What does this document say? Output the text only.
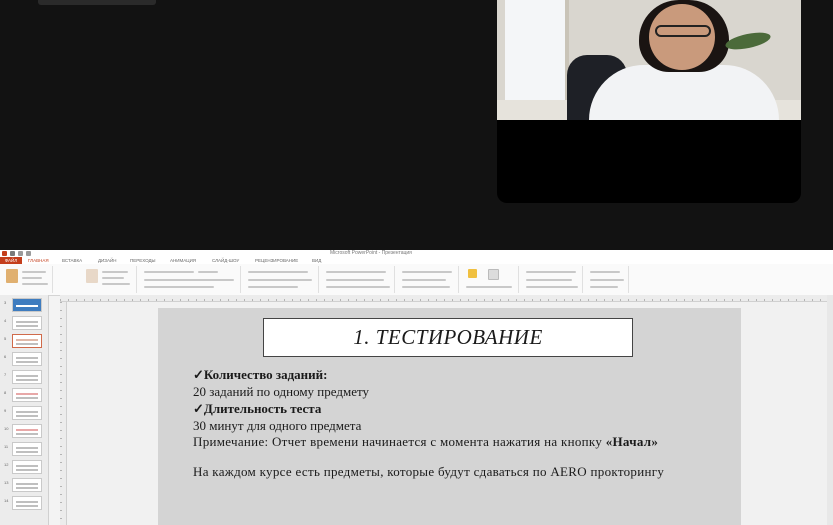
Microsoft PowerPoint - Презентация
ФАЙЛ	ГЛАВНАЯ	ВСТАВКА	ДИЗАЙН	ПЕРЕХОДЫ	АНИМАЦИЯ	СЛАЙД-ШОУ	РЕЦЕНЗИРОВАНИЕ	ВИД
3
4
5
6
7
8
9
10
11
12
13
14
1. ТЕСТИРОВАНИЕ
✓Количество заданий:
20 заданий по одному предмету
✓Длительность теста
30 минут для одного предмета
Примечание: Отчет времени начинается с момента нажатия на кнопку «Начал»
На каждом курсе есть предметы, которые будут сдаваться по AERO прокторингу
